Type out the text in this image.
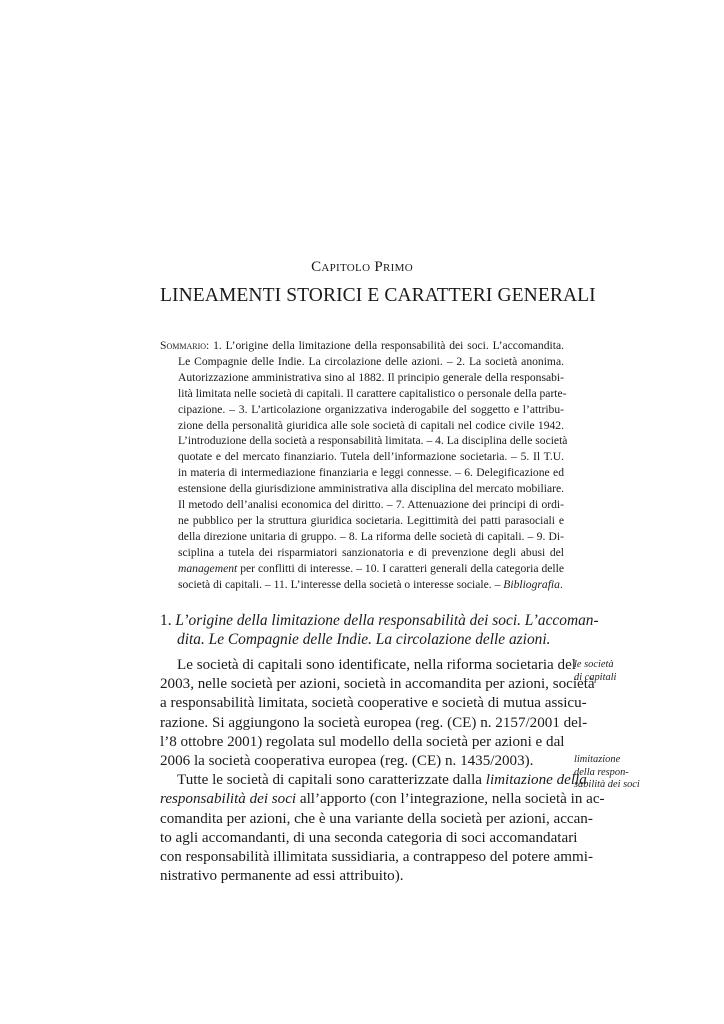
Capitolo Primo
LINEAMENTI STORICI E CARATTERI GENERALI
Sommario: 1. L’origine della limitazione della responsabilità dei soci. L’accomandita.
Le Compagnie delle Indie. La circolazione delle azioni. – 2. La società anonima.
Autorizzazione amministrativa sino al 1882. Il principio generale della responsabi-
lità limitata nelle società di capitali. Il carattere capitalistico o personale della parte-
cipazione. – 3. L’articolazione organizzativa inderogabile del soggetto e l’attribu-
zione della personalità giuridica alle sole società di capitali nel codice civile 1942.
L’introduzione della società a responsabilità limitata. – 4. La disciplina delle società
quotate e del mercato finanziario. Tutela dell’informazione societaria. – 5. Il T.U.
in materia di intermediazione finanziaria e leggi connesse. – 6. Delegificazione ed
estensione della giurisdizione amministrativa alla disciplina del mercato mobiliare.
Il metodo dell’analisi economica del diritto. – 7. Attenuazione dei principi di ordi-
ne pubblico per la struttura giuridica societaria. Legittimità dei patti parasociali e
della direzione unitaria di gruppo. – 8. La riforma delle società di capitali. – 9. Di-
sciplina a tutela dei risparmiatori sanzionatoria e di prevenzione degli abusi del
management per conflitti di interesse. – 10. I caratteri generali della categoria delle
società di capitali. – 11. L’interesse della società o interesse sociale. – Bibliografia.
1. L’origine della limitazione della responsabilità dei soci. L’accoman-
dita. Le Compagnie delle Indie. La circolazione delle azioni.
Le società di capitali sono identificate, nella riforma societaria del
2003, nelle società per azioni, società in accomandita per azioni, società
a responsabilità limitata, società cooperative e società di mutua assicu-
razione. Si aggiungono la società europea (reg. (CE) n. 2157/2001 del-
l’8 ottobre 2001) regolata sul modello della società per azioni e dal
2006 la società cooperativa europea (reg. (CE) n. 1435/2003).
Tutte le società di capitali sono caratterizzate dalla limitazione della
responsabilità dei soci all’apporto (con l’integrazione, nella società in ac-
comandita per azioni, che è una variante della società per azioni, accan-
to agli accomandanti, di una seconda categoria di soci accomandatari
con responsabilità illimitata sussidiaria, a contrappeso del potere ammi-
nistrativo permanente ad essi attribuito).
le società
di capitali
limitazione
della respon-
sabilità dei soci
